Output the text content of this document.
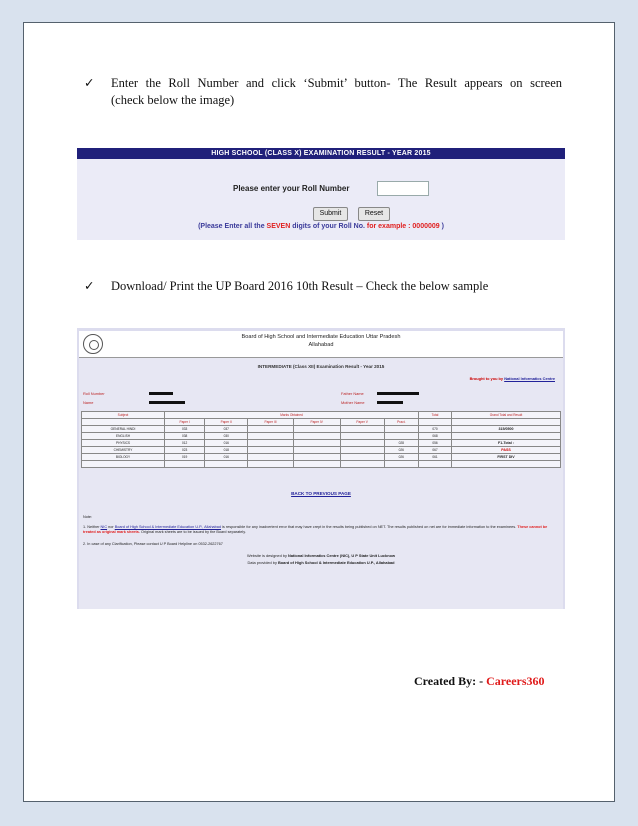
✓ Enter the Roll Number and click ‘Submit’ button- The Result appears on screen
(check below the image)
HIGH SCHOOL (CLASS X) EXAMINATION RESULT - YEAR 2015
Please enter your Roll Number
Submit	Reset
(Please Enter all the SEVEN digits of your Roll No. for example : 0000009 )
✓ Download/ Print the UP Board 2016 10th Result – Check the below sample
Board of High School and Intermediate Education Uttar Pradesh
Allahabad
INTERMEDIATE (Class XII) Examination Result - Year 2015
Brought to you by National Informatics Centre
Roll Number
Name
Father Name
Mother Name
Subject	Marks Obtained						Total	Grand Total and Result
	Paper I	Paper II	Paper III	Paper IV	Paper V	Pract.		
GENERAL HINDI	033	037					070	315/0500
ENGLISH	038	030					068	
PHYSICS	012	016				028	056	F1-Total :
CHEMISTRY	023	018				026	067	PASS
BIOLOGY	019	016				026	061	FIRST DIV

BACK TO PREVIOUS PAGE
Note:
1. Neither NIC nor Board of High School & Intermediate Education U.P., Allahabad is responsible for any inadvertent error that may have crept in the results being published on NET. The results published on net are for immediate information to the examinees. These cannot be treated as original mark sheets. Original mark sheets are to be issued by the Board separately.
2. In case of any Clarification, Please contact U P Board Helpline on 0532-2622767
Website is designed by National Informatics Centre (NIC), U P State Unit Lucknow
Data provided by Board of High School & Intermediate Education U.P., Allahabad
Created By: - Careers360
